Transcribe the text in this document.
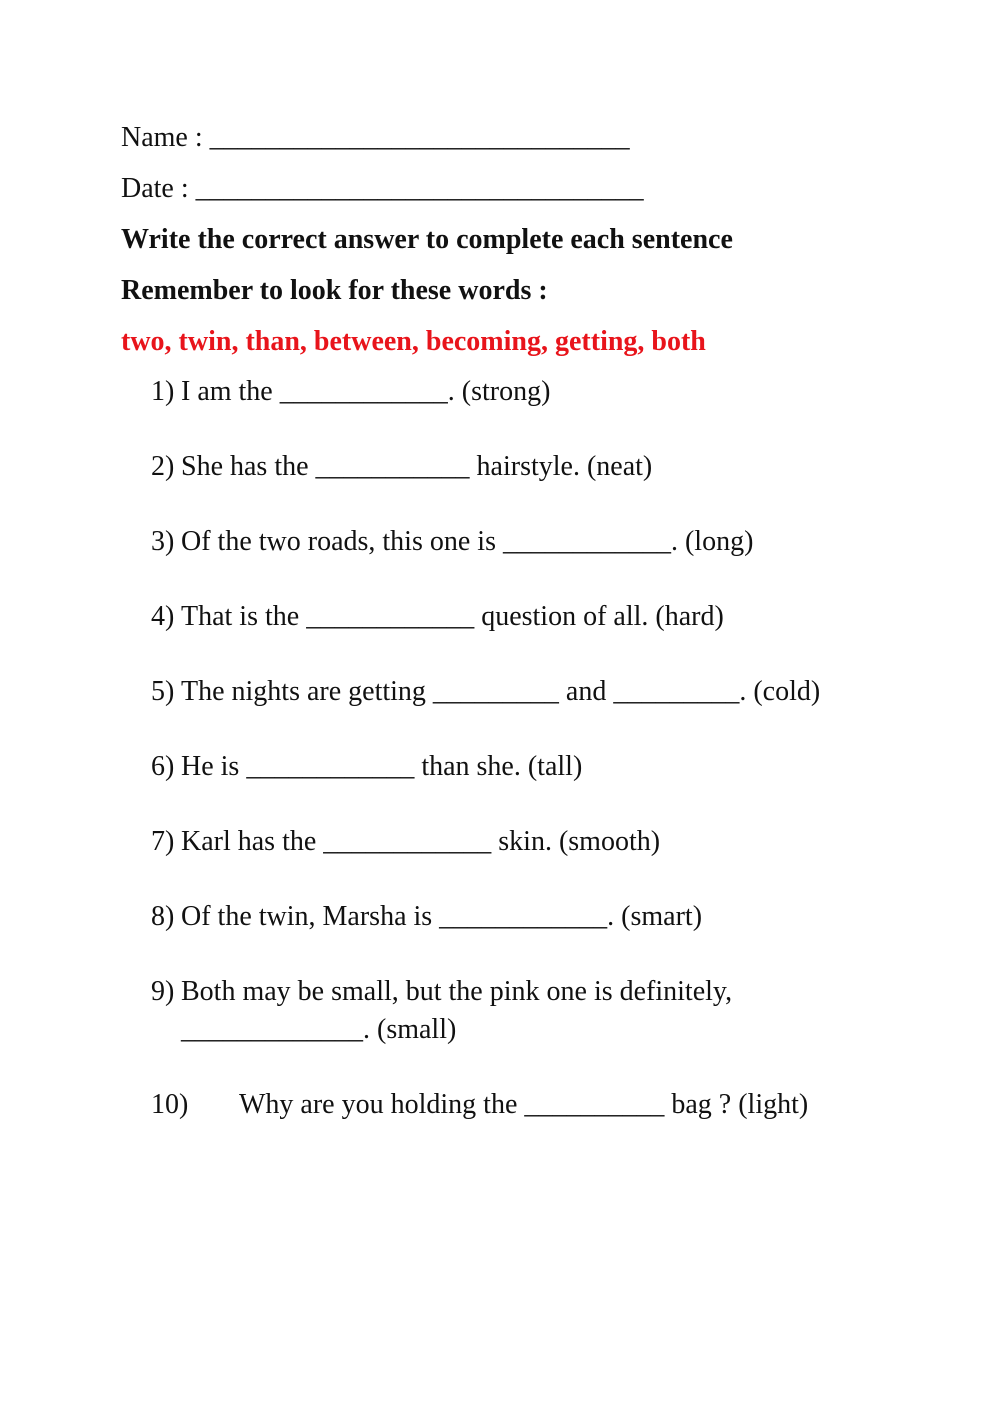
Name : ______________________________
Date : ________________________________
Write the correct answer to complete each sentence
Remember to look for these words :
two, twin, than, between, becoming, getting, both
1) I am the ____________. (strong)
2) She has the ___________ hairstyle. (neat)
3) Of the two roads, this one is ____________. (long)
4) That is the ____________ question of all. (hard)
5) The nights are getting _________ and _________. (cold)
6) He is ____________ than she. (tall)
7) Karl has the ____________ skin. (smooth)
8) Of the twin, Marsha is ____________. (smart)
9) Both may be small, but the pink one is definitely,
_____________. (small)
10) Why are you holding the __________ bag ? (light)
